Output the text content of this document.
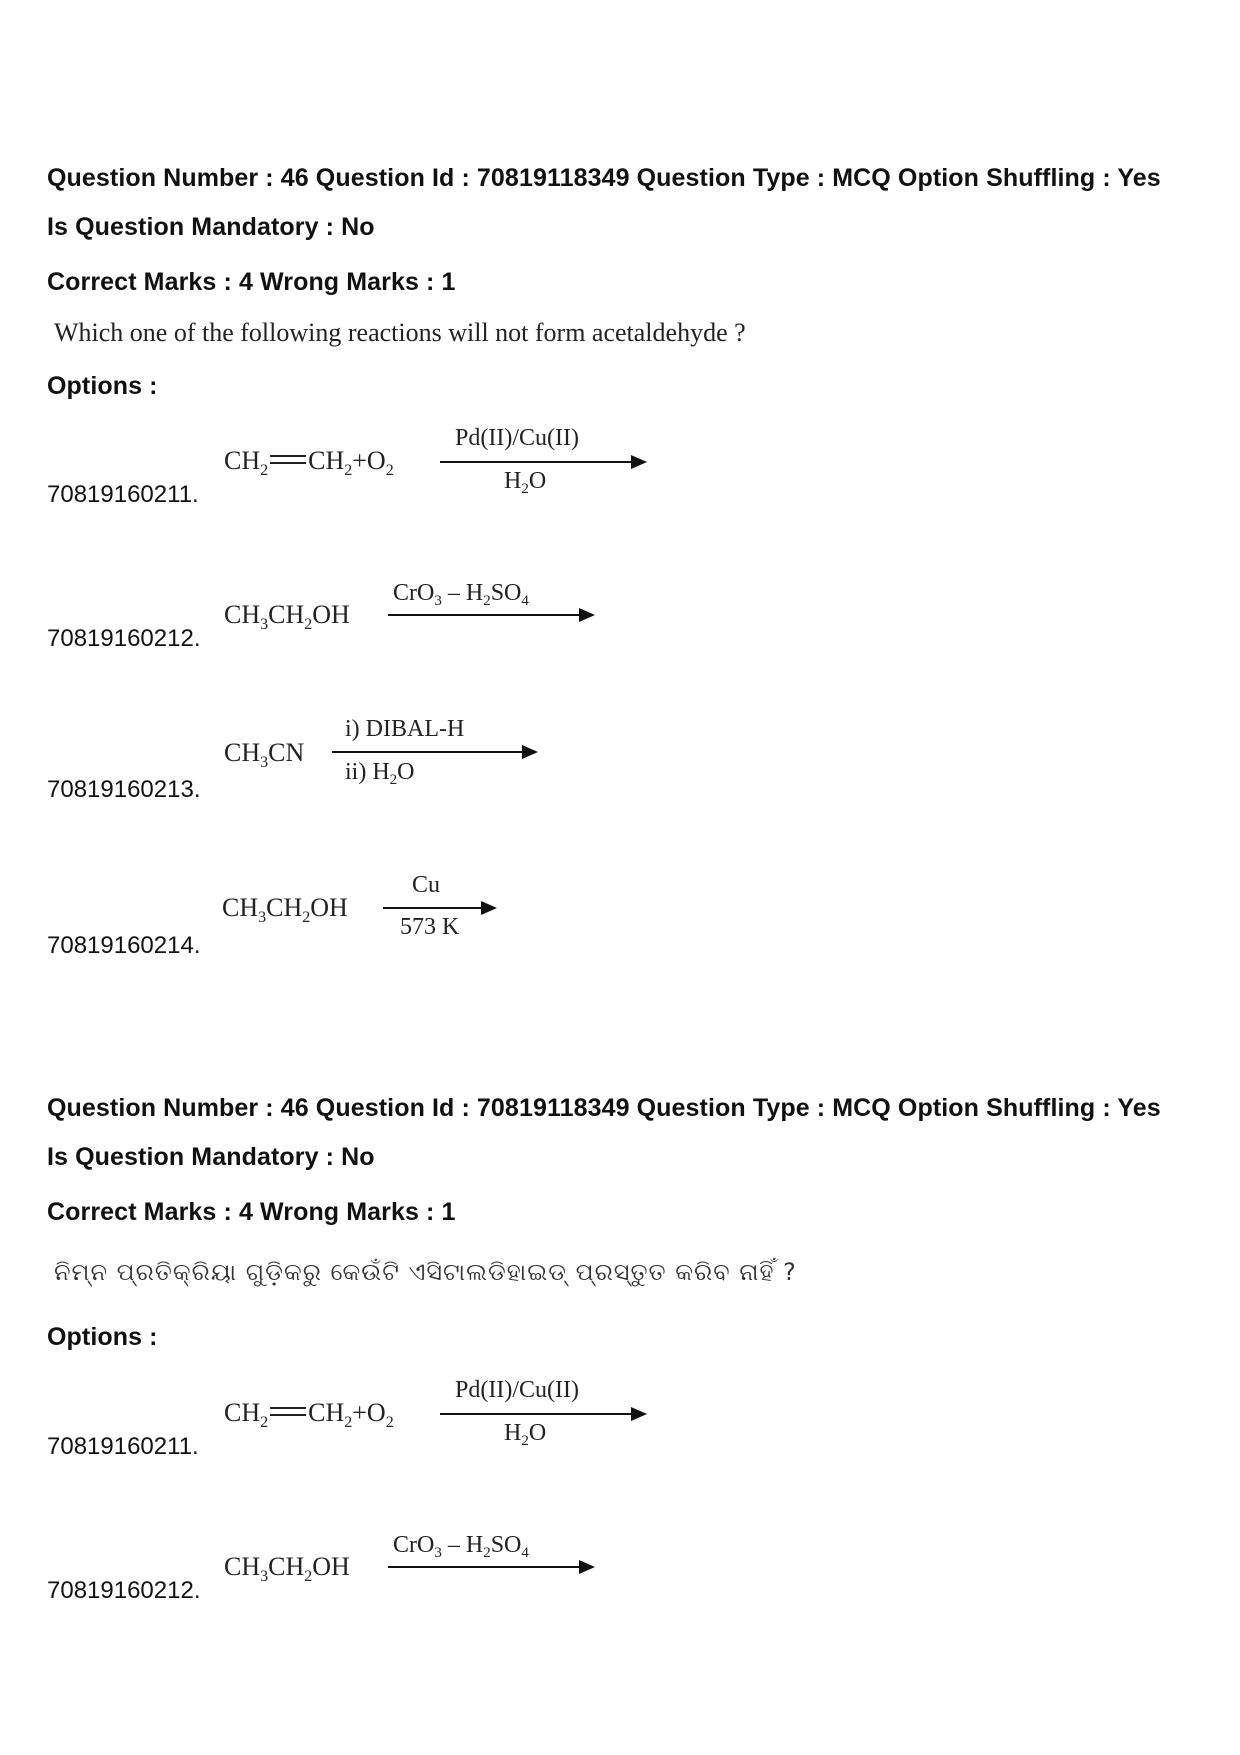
Question Number : 46 Question Id : 70819118349 Question Type : MCQ Option Shuffling : Yes
Is Question Mandatory : No
Correct Marks : 4 Wrong Marks : 1
Which one of the following reactions will not form acetaldehyde ?
Options :
70819160211.
$CH_2$ $CH_2+O_2$
Pd(II)/Cu(II)
$H_2O$
70819160212.
$CH_3CH_2OH$
$CrO_3 - H_2SO_4$
70819160213.
$CH_3CN$
i) DIBAL-H
ii) $H_2O$
70819160214.
$CH_3CH_2OH$
Cu
573 K
Question Number : 46 Question Id : 70819118349 Question Type : MCQ Option Shuffling : Yes
Is Question Mandatory : No
Correct Marks : 4 Wrong Marks : 1
ନିମ୍ନ ପ୍ରତିକ୍ରିୟା ଗୁଡ଼ିକରୁ କେଉଁଟି ଏସିଟାଲଡିହାଇଡ୍ ପ୍ରସ୍ତୁତ କରିବ ନାହିଁ ?
Options :
70819160211.
$CH_2$ $CH_2+O_2$
Pd(II)/Cu(II)
$H_2O$
70819160212.
$CH_3CH_2OH$
$CrO_3 - H_2SO_4$
